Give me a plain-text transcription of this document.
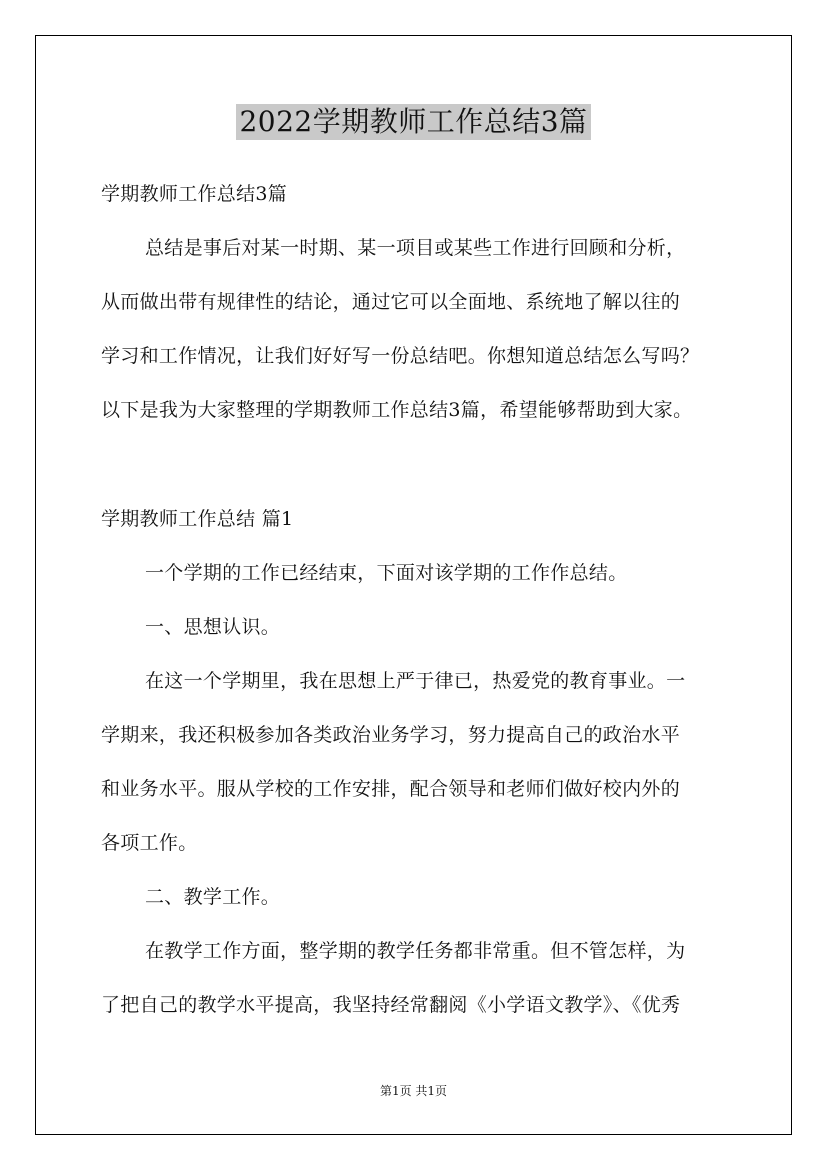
2022学期教师工作总结3篇
学期教师工作总结3篇
总结是事后对某一时期、某一项目或某些工作进行回顾和分析，
从而做出带有规律性的结论，通过它可以全面地、系统地了解以往的
学习和工作情况，让我们好好写一份总结吧。你想知道总结怎么写吗？
以下是我为大家整理的学期教师工作总结3篇，希望能够帮助到大家。
学期教师工作总结 篇1
一个学期的工作已经结束，下面对该学期的工作作总结。
一、思想认识。
在这一个学期里，我在思想上严于律已，热爱党的教育事业。一
学期来，我还积极参加各类政治业务学习，努力提高自己的政治水平
和业务水平。服从学校的工作安排，配合领导和老师们做好校内外的
各项工作。
二、教学工作。
在教学工作方面，整学期的教学任务都非常重。但不管怎样，为
了把自己的教学水平提高，我坚持经常翻阅《小学语文教学》、《优秀
第1页 共1页
